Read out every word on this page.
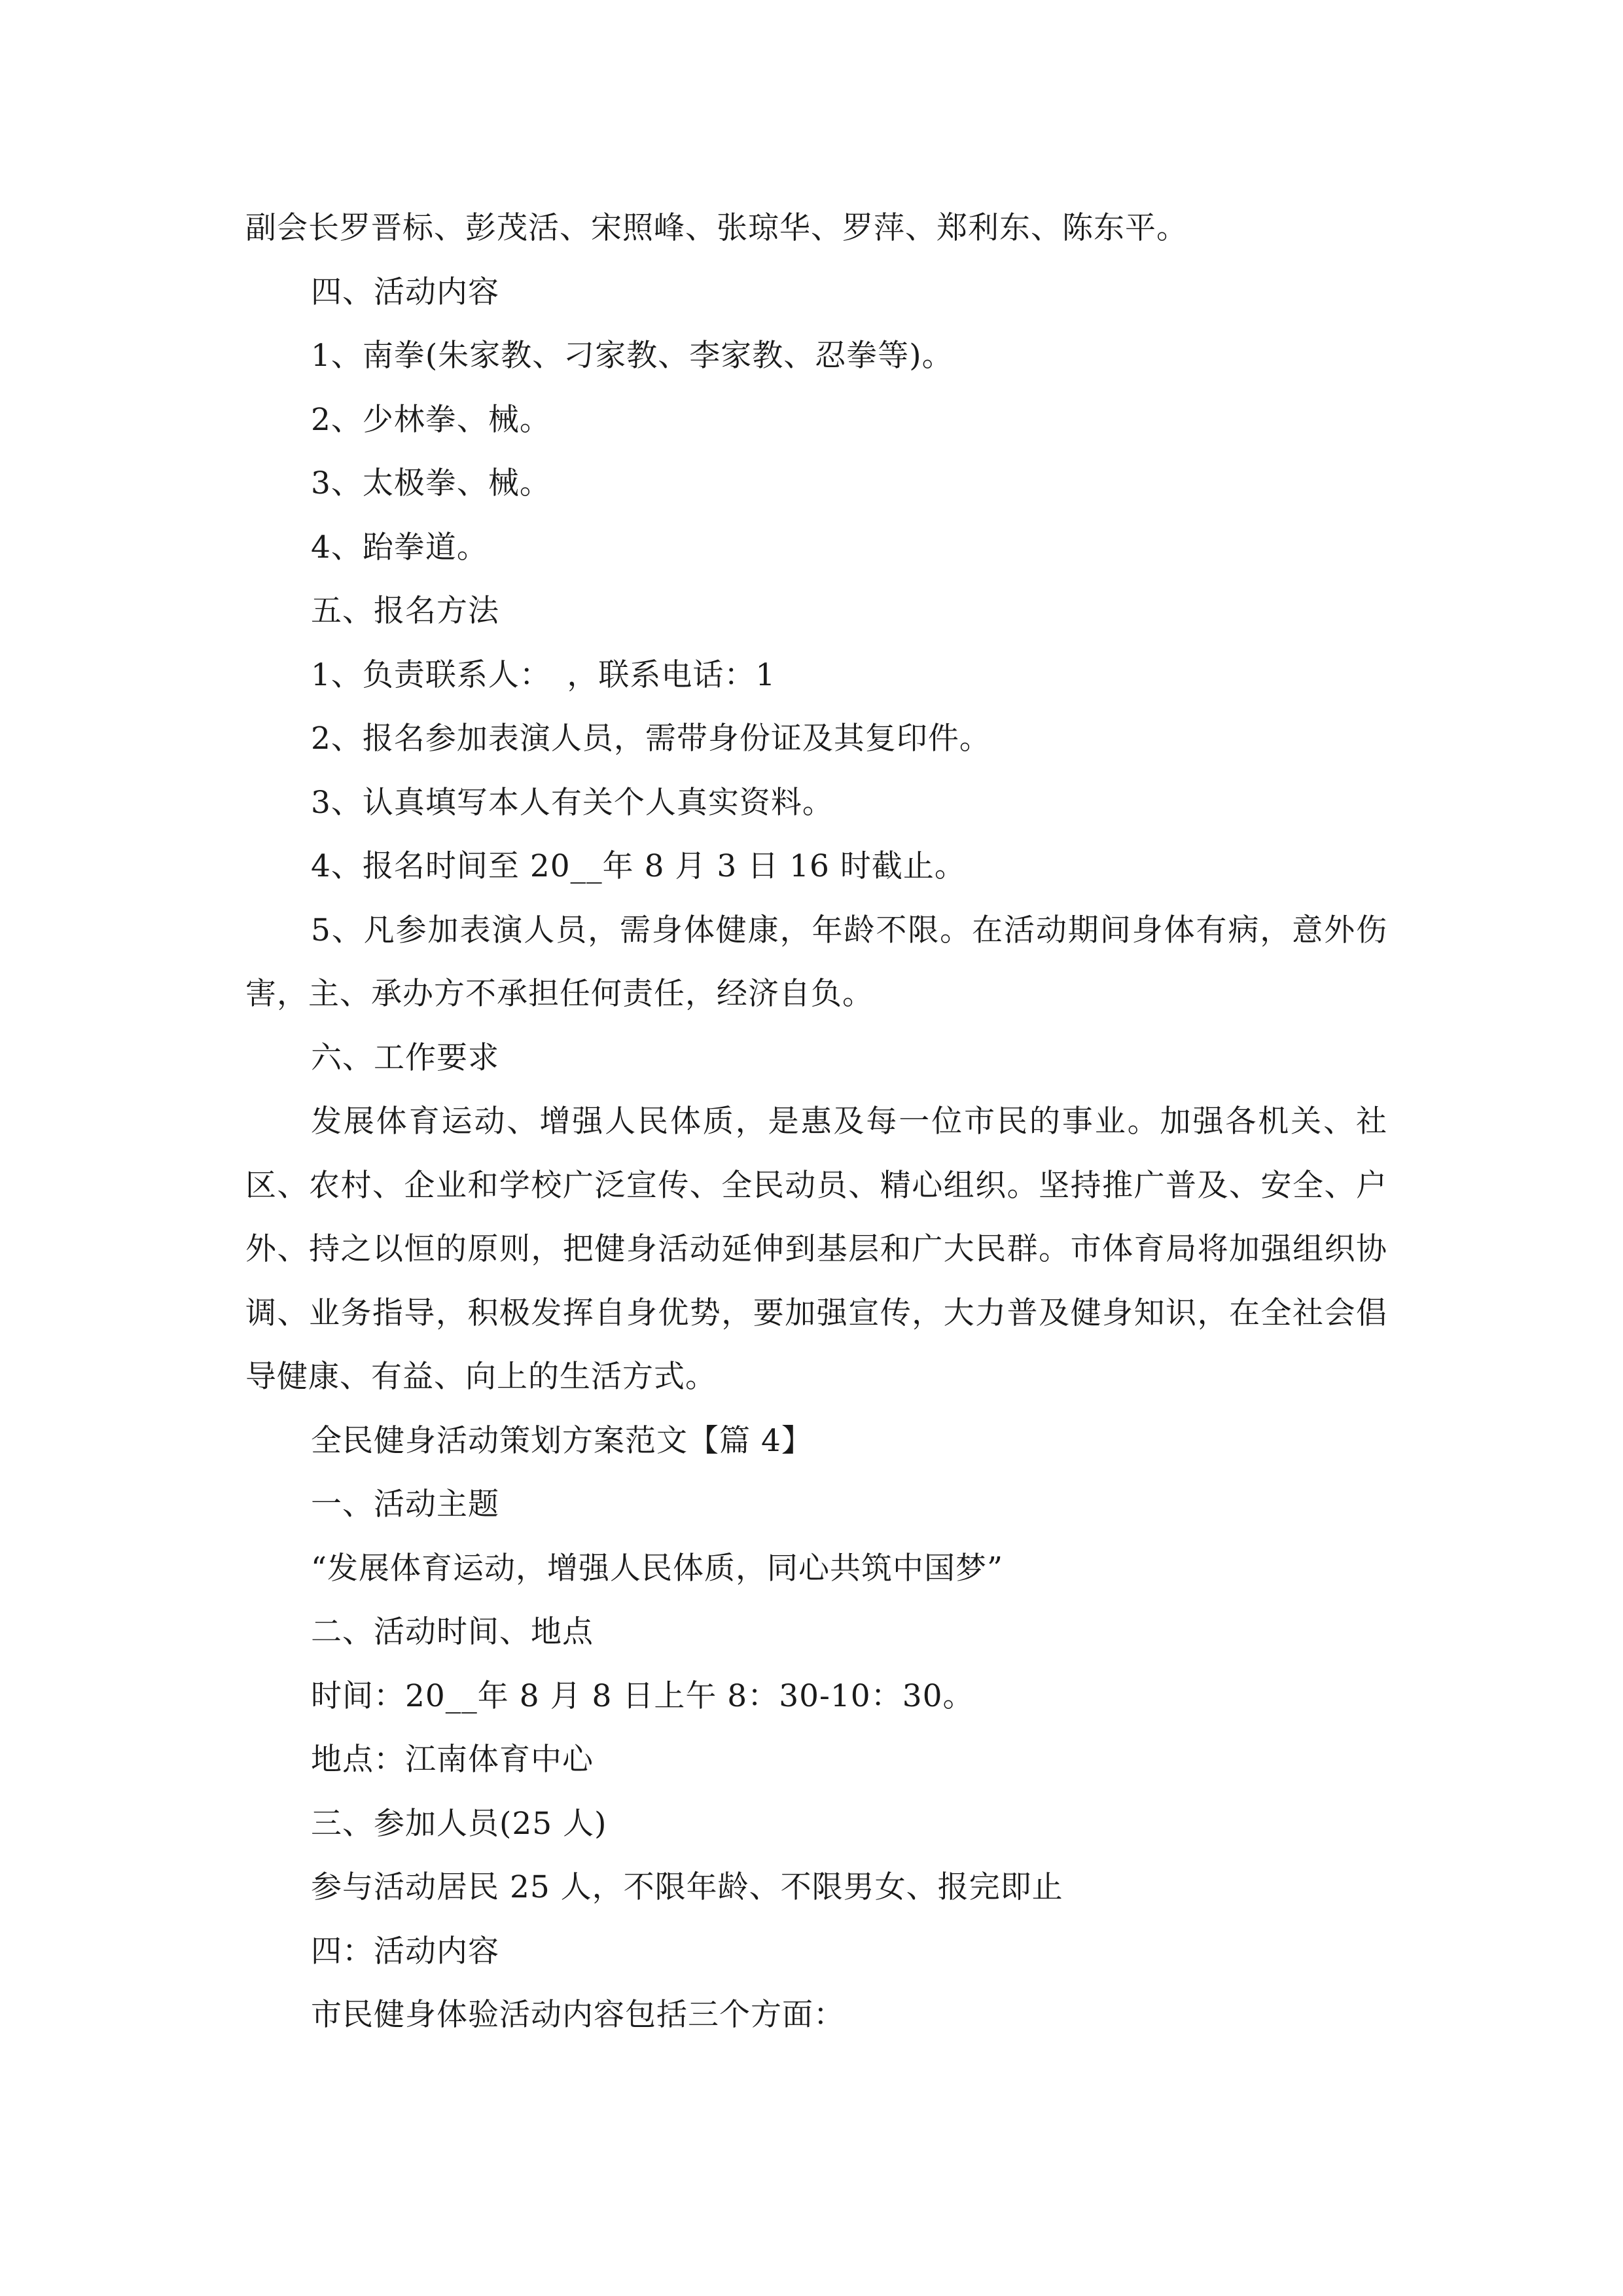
副会长罗晋标、彭茂活、宋照峰、张琼华、罗萍、郑利东、陈东平。
四、活动内容
1、南拳(朱家教、刁家教、李家教、忍拳等)。
2、少林拳、械。
3、太极拳、械。
4、跆拳道。
五、报名方法
1、负责联系人：　，联系电话：1
2、报名参加表演人员，需带身份证及其复印件。
3、认真填写本人有关个人真实资料。
4、报名时间至 20__年 8 月 3 日 16 时截止。

5、凡参加表演人员，需身体健康，年龄不限。在活动期间身体有病，意外伤害，主、承办方不承担任何责任，经济自负。

六、工作要求

发展体育运动、增强人民体质，是惠及每一位市民的事业。加强各机关、社区、农村、企业和学校广泛宣传、全民动员、精心组织。坚持推广普及、安全、户外、持之以恒的原则，把健身活动延伸到基层和广大民群。市体育局将加强组织协调、业务指导，积极发挥自身优势，要加强宣传，大力普及健身知识，在全社会倡导健康、有益、向上的生活方式。

全民健身活动策划方案范文【篇 4】
一、活动主题
“发展体育运动，增强人民体质，同心共筑中国梦”
二、活动时间、地点
时间：20__年 8 月 8 日上午 8：30-10：30。
地点：江南体育中心
三、参加人员(25 人)
参与活动居民 25 人，不限年龄、不限男女、报完即止
四：活动内容
市民健身体验活动内容包括三个方面：
